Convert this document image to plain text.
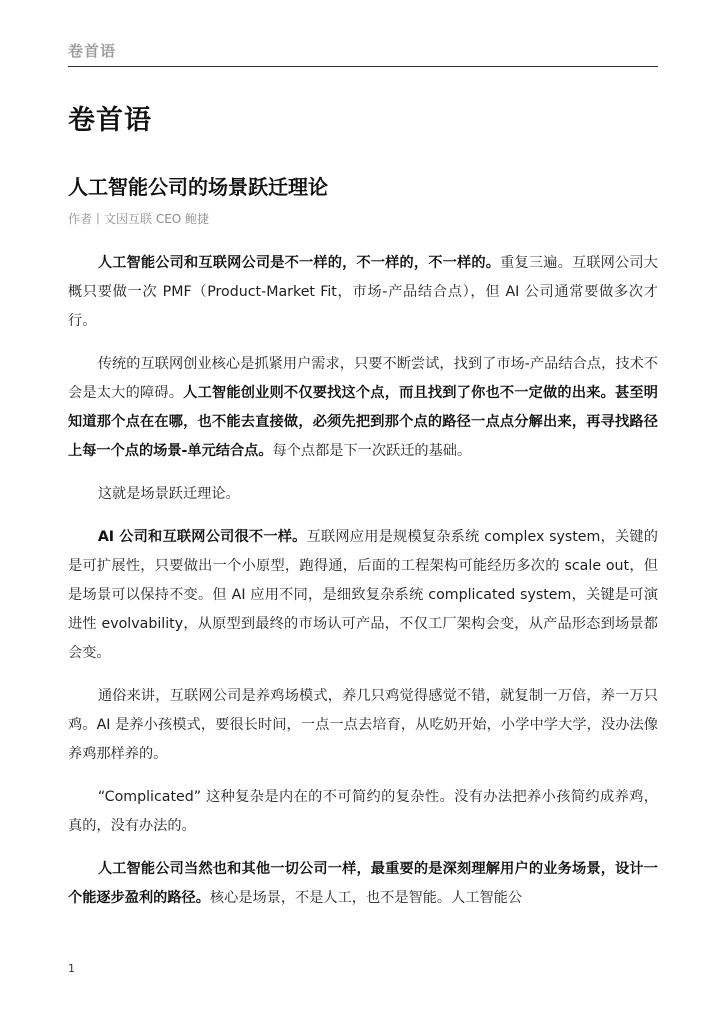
卷首语
卷首语
人工智能公司的场景跃迁理论
作者丨文因互联 CEO 鲍捷

人工智能公司和互联网公司是不一样的，不一样的，不一样的。重复三遍。互联网公司大概只要做一次 PMF（Product-Market Fit，市场-产品结合点），但 AI 公司通常要做多次才行。

传统的互联网创业核心是抓紧用户需求，只要不断尝试，找到了市场-产品结合点，技术不会是太大的障碍。人工智能创业则不仅要找这个点，而且找到了你也不一定做的出来。甚至明知道那个点在在哪，也不能去直接做，必须先把到那个点的路径一点点分解出来，再寻找路径上每一个点的场景-单元结合点。每个点都是下一次跃迁的基础。

这就是场景跃迁理论。

AI 公司和互联网公司很不一样。互联网应用是规模复杂系统 complex system，关键的是可扩展性，只要做出一个小原型，跑得通，后面的工程架构可能经历多次的 scale out，但是场景可以保持不变。但 AI 应用不同，是细致复杂系统 complicated system，关键是可演进性 evolvability，从原型到最终的市场认可产品，不仅工厂架构会变，从产品形态到场景都会变。

通俗来讲，互联网公司是养鸡场模式，养几只鸡觉得感觉不错，就复制一万倍，养一万只鸡。AI 是养小孩模式，要很长时间，一点一点去培育，从吃奶开始，小学中学大学，没办法像养鸡那样养的。

“Complicated” 这种复杂是内在的不可简约的复杂性。没有办法把养小孩简约成养鸡，真的，没有办法的。

人工智能公司当然也和其他一切公司一样，最重要的是深刻理解用户的业务场景，设计一个能逐步盈利的路径。核心是场景，不是人工，也不是智能。人工智能公

1
